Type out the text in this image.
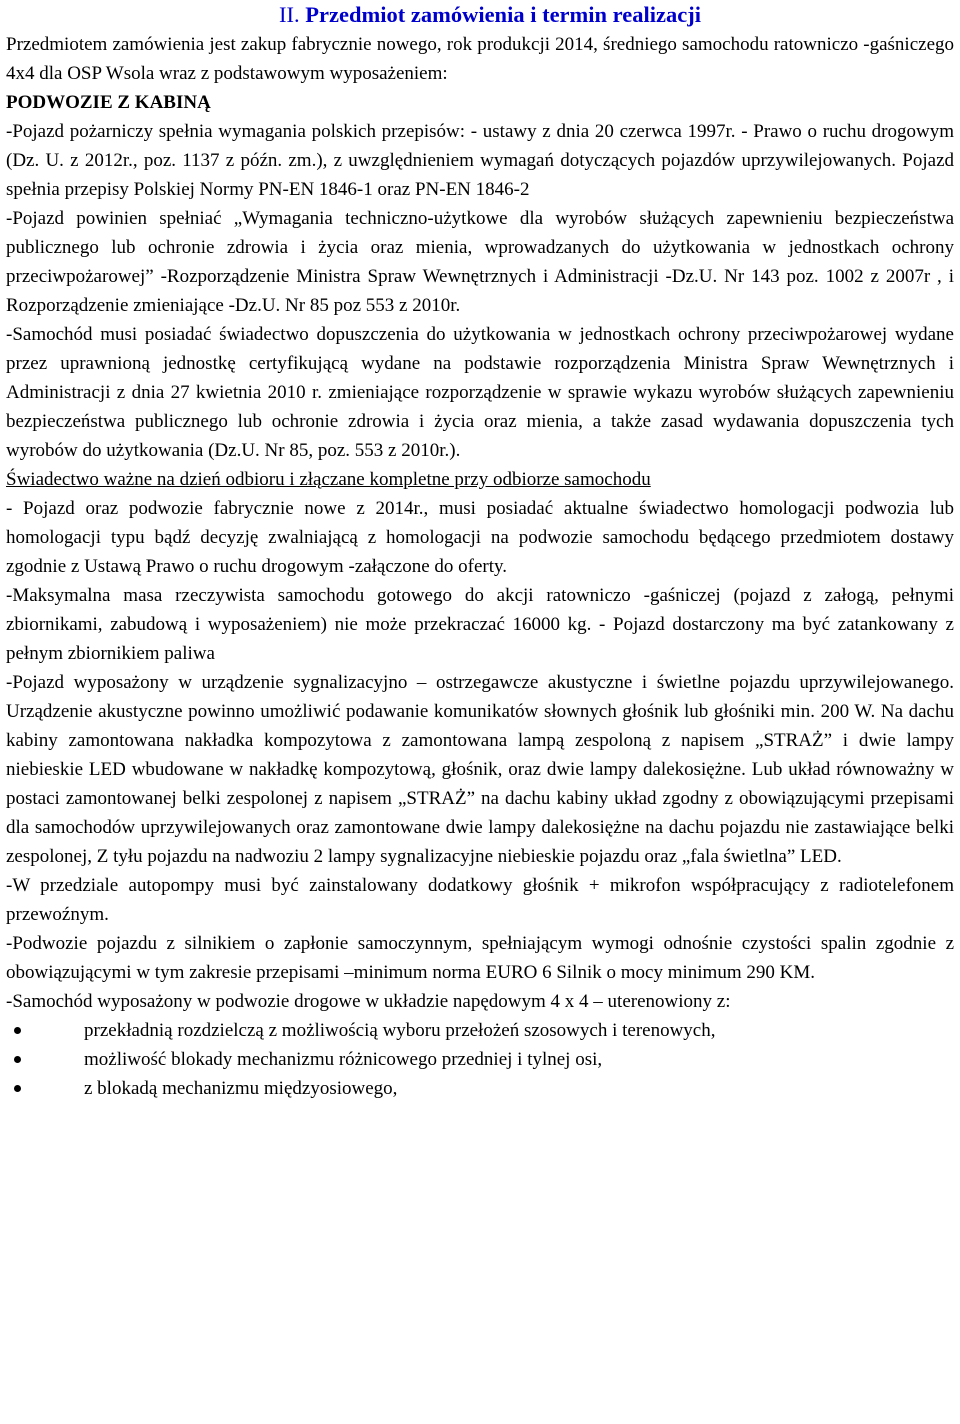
II. Przedmiot zamówienia i termin realizacji

Przedmiotem zamówienia jest zakup fabrycznie nowego, rok produkcji 2014, średniego samochodu ratowniczo -gaśniczego 4x4 dla OSP Wsola wraz z podstawowym wyposażeniem:

PODWOZIE Z KABINĄ

-Pojazd pożarniczy spełnia wymagania polskich przepisów: - ustawy z dnia 20 czerwca 1997r. - Prawo o ruchu drogowym (Dz. U. z 2012r., poz. 1137 z późn. zm.), z uwzględnieniem wymagań dotyczących pojazdów uprzywilejowanych. Pojazd spełnia przepisy Polskiej Normy PN-EN 1846-1 oraz PN-EN 1846-2

-Pojazd powinien spełniać „Wymagania techniczno-użytkowe dla wyrobów służących zapewnieniu bezpieczeństwa publicznego lub ochronie zdrowia i życia oraz mienia, wprowadzanych do użytkowania w jednostkach ochrony przeciwpożarowej” -Rozporządzenie Ministra Spraw Wewnętrznych i Administracji -Dz.U. Nr 143 poz. 1002 z 2007r , i Rozporządzenie zmieniające -Dz.U. Nr 85 poz 553 z 2010r.

-Samochód musi posiadać świadectwo dopuszczenia do użytkowania w jednostkach ochrony przeciwpożarowej wydane przez uprawnioną jednostkę certyfikującą wydane na podstawie rozporządzenia Ministra Spraw Wewnętrznych i Administracji z dnia 27 kwietnia 2010 r. zmieniające rozporządzenie w sprawie wykazu wyrobów służących zapewnieniu bezpieczeństwa publicznego lub ochronie zdrowia i życia oraz mienia, a także zasad wydawania dopuszczenia tych wyrobów do użytkowania (Dz.U. Nr 85, poz. 553 z 2010r.).

Świadectwo ważne na dzień odbioru i złączane kompletne przy odbiorze samochodu

- Pojazd oraz podwozie fabrycznie nowe z 2014r., musi posiadać aktualne świadectwo homologacji podwozia lub homologacji typu bądź decyzję zwalniającą z homologacji na podwozie samochodu będącego przedmiotem dostawy zgodnie z Ustawą Prawo o ruchu drogowym -załączone do oferty.

-Maksymalna masa rzeczywista samochodu gotowego do akcji ratowniczo -gaśniczej (pojazd z załogą, pełnymi zbiornikami, zabudową i wyposażeniem) nie może przekraczać 16000 kg. - Pojazd dostarczony ma być zatankowany z pełnym zbiornikiem paliwa

-Pojazd wyposażony w urządzenie sygnalizacyjno – ostrzegawcze akustyczne i świetlne pojazdu uprzywilejowanego. Urządzenie akustyczne powinno umożliwić podawanie komunikatów słownych głośnik lub głośniki min. 200 W. Na dachu kabiny zamontowana nakładka kompozytowa z zamontowana lampą zespoloną z napisem „STRAŻ” i dwie lampy niebieskie LED wbudowane w nakładkę kompozytową, głośnik, oraz dwie lampy dalekosiężne. Lub układ równoważny w postaci zamontowanej belki zespolonej z napisem „STRAŻ” na dachu kabiny układ zgodny z obowiązującymi przepisami dla samochodów uprzywilejowanych oraz zamontowane dwie lampy dalekosiężne na dachu pojazdu nie zastawiające belki zespolonej, Z tyłu pojazdu na nadwoziu 2 lampy sygnalizacyjne niebieskie pojazdu oraz „fala świetlna” LED.

-W przedziale autopompy musi być zainstalowany dodatkowy głośnik + mikrofon współpracujący z radiotelefonem przewoźnym.

-Podwozie pojazdu z silnikiem o zapłonie samoczynnym, spełniającym wymogi odnośnie czystości spalin zgodnie z obowiązującymi w tym zakresie przepisami –minimum norma EURO 6 Silnik o mocy minimum 290 KM.

-Samochód wyposażony w podwozie drogowe w układzie napędowym 4 x 4 – uterenowiony z:

przekładnią rozdzielczą z możliwością wyboru przełożeń szosowych i terenowych,
możliwość blokady mechanizmu różnicowego przedniej i tylnej osi,
z blokadą mechanizmu międzyosiowego,
